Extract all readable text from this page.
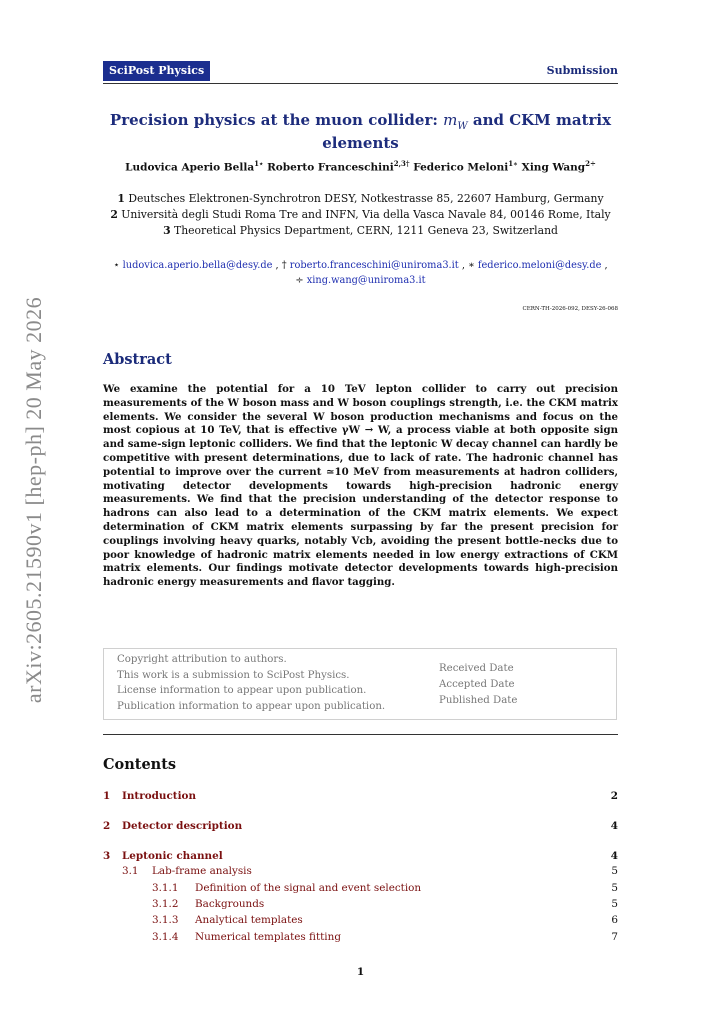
arXiv:2605.21590v1 [hep-ph] 20 May 2026
SciPost Physics	Submission
Precision physics at the muon collider: $m_W$ and CKM matrix elements
Ludovica Aperio Bella$^{1⋆}$ Roberto Franceschini$^{2,3\dagger}$ Federico Meloni$^{1∗}$ Xing Wang$^{2\div}$
1 Deutsches Elektronen-Synchrotron DESY, Notkestrasse 85, 22607 Hamburg, Germany
2 Università degli Studi Roma Tre and INFN, Via della Vasca Navale 84, 00146 Rome, Italy
3 Theoretical Physics Department, CERN, 1211 Geneva 23, Switzerland
⋆ ludovica.aperio.bella@desy.de , † roberto.franceschini@uniroma3.it , ∗ federico.meloni@desy.de ,
÷ xing.wang@uniroma3.it
CERN-TH-2026-092, DESY-26-068
Abstract
We examine the potential for a 10 TeV lepton collider to carry out precision measurements of the W boson mass and W boson couplings strength, i.e. the CKM matrix elements. We consider the several W boson production mechanisms and focus on the most copious at 10 TeV, that is effective γW → W, a process viable at both opposite sign and same-sign leptonic colliders. We find that the leptonic W decay channel can hardly be competitive with present determinations, due to lack of rate. The hadronic channel has potential to improve over the current ≃10 MeV from measurements at hadron colliders, motivating detector developments towards high-precision hadronic energy measurements. We find that the precision understanding of the detector response to hadrons can also lead to a determination of the CKM matrix elements. We expect determination of CKM matrix elements surpassing by far the present precision for couplings involving heavy quarks, notably Vcb, avoiding the present bottle-necks due to poor knowledge of hadronic matrix elements needed in low energy extractions of CKM matrix elements. Our findings motivate detector developments towards high-precision hadronic energy measurements and flavor tagging.
Copyright attribution to authors.
This work is a submission to SciPost Physics.
License information to appear upon publication.
Publication information to appear upon publication.
Received Date
Accepted Date
Published Date
Contents
1 Introduction	2
2 Detector description	4
3 Leptonic channel	4
3.1 Lab-frame analysis	5
3.1.1 Definition of the signal and event selection	5
3.1.2 Backgrounds	5
3.1.3 Analytical templates	6
3.1.4 Numerical templates fitting	7
1
